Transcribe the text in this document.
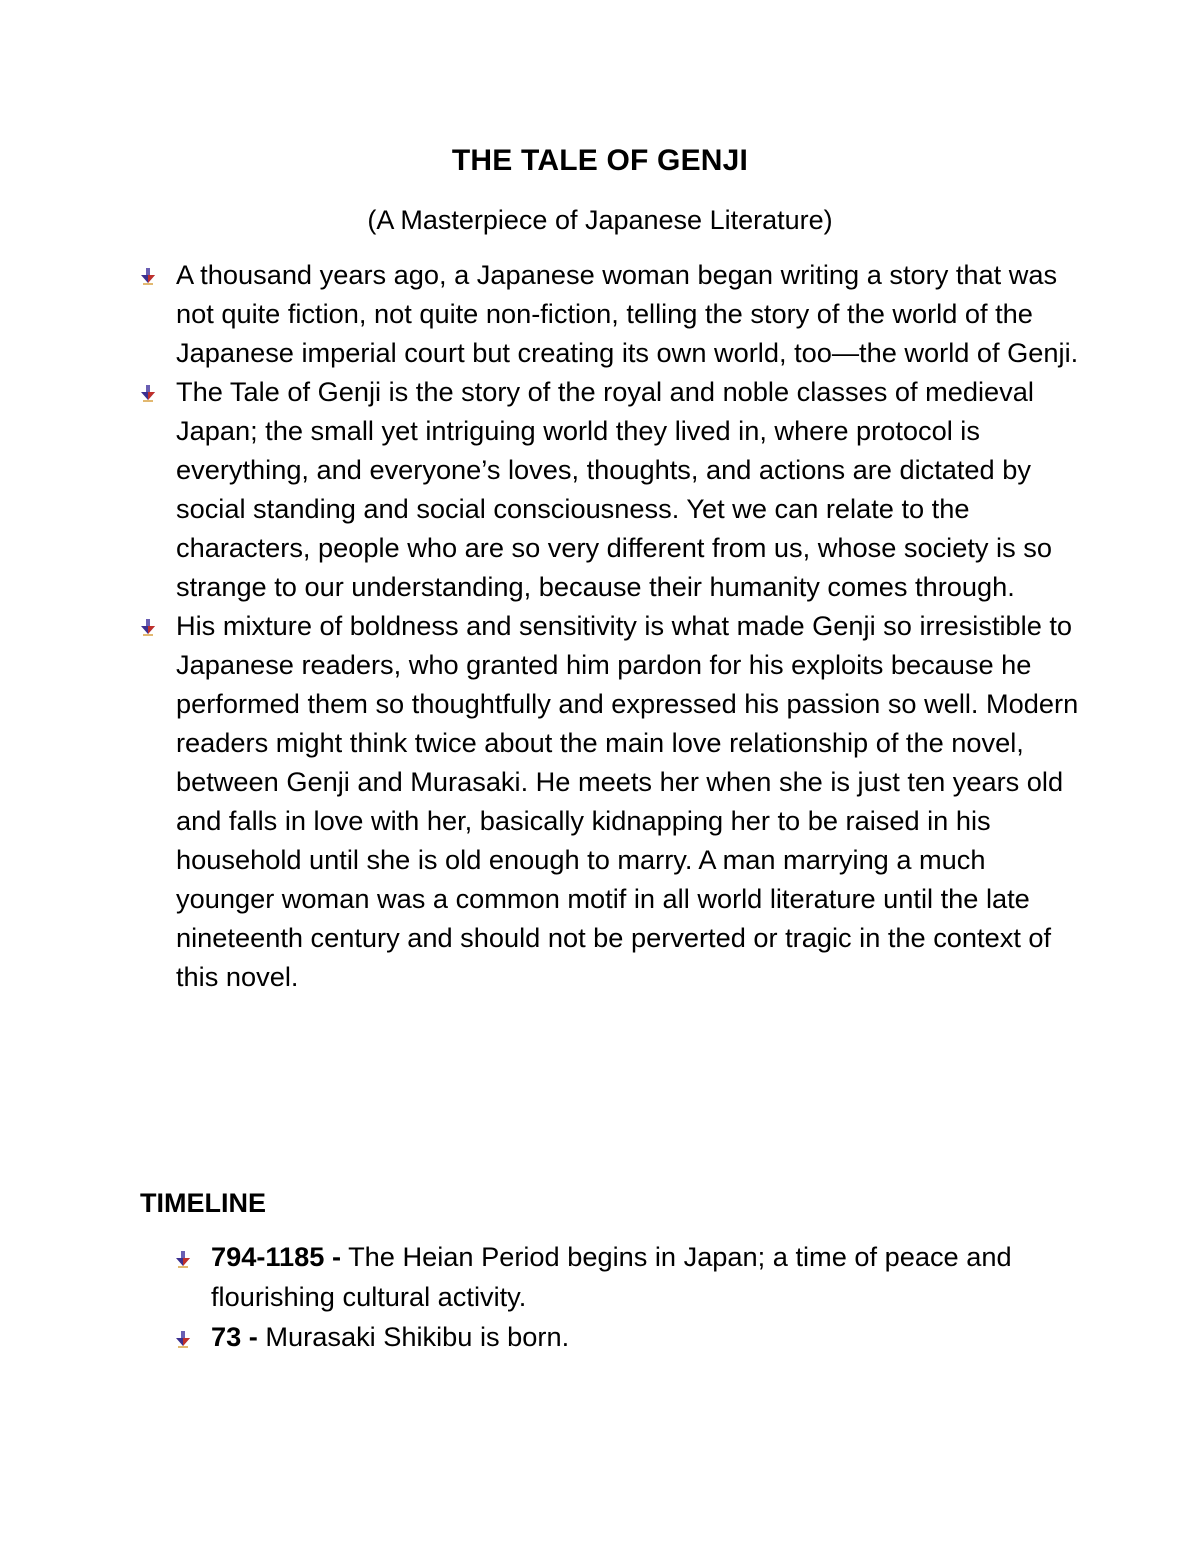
THE TALE OF GENJI
(A Masterpiece of Japanese Literature)
A thousand years ago, a Japanese woman began writing a story that was not quite fiction, not quite non-fiction, telling the story of the world of the Japanese imperial court but creating its own world, too—the world of Genji.
The Tale of Genji is the story of the royal and noble classes of medieval Japan; the small yet intriguing world they lived in, where protocol is everything, and everyone’s loves, thoughts, and actions are dictated by social standing and social consciousness. Yet we can relate to the characters, people who are so very different from us, whose society is so strange to our understanding, because their humanity comes through.
His mixture of boldness and sensitivity is what made Genji so irresistible to Japanese readers, who granted him pardon for his exploits because he performed them so thoughtfully and expressed his passion so well. Modern readers might think twice about the main love relationship of the novel, between Genji and Murasaki. He meets her when she is just ten years old and falls in love with her, basically kidnapping her to be raised in his household until she is old enough to marry. A man marrying a much younger woman was a common motif in all world literature until the late nineteenth century and should not be perverted or tragic in the context of this novel.
TIMELINE
794-1185 - The Heian Period begins in Japan; a time of peace and flourishing cultural activity.
73 - Murasaki Shikibu is born.
